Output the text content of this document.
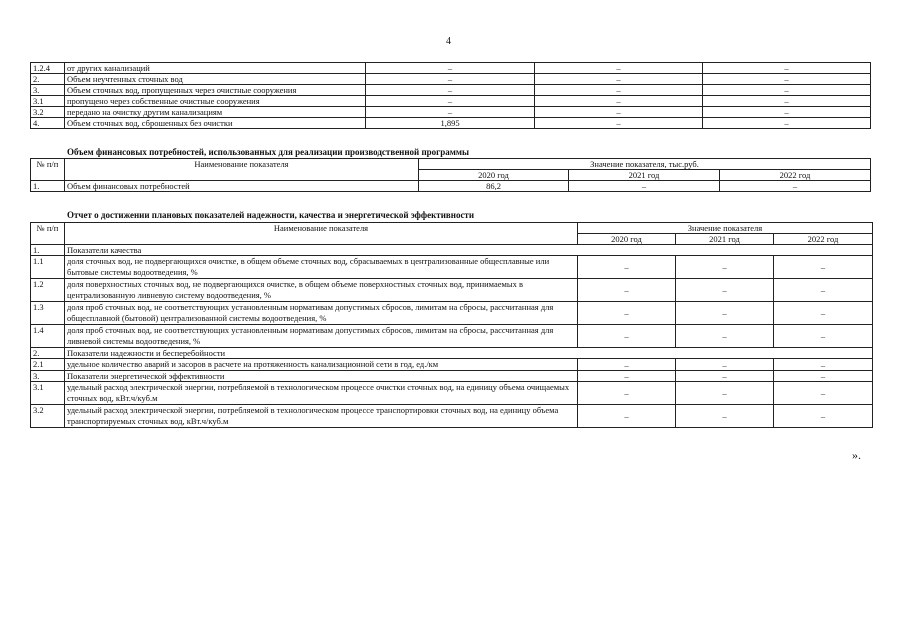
4
1.2.4	от других канализаций	–	–	–
2.	Объем неучтенных сточных вод	–	–	–
3.	Объем сточных вод, пропущенных через очистные сооружения	–	–	–
3.1	пропущено через собственные очистные сооружения	–	–	–
3.2	передано на очистку другим канализациям	–	–	–
4.	Объем сточных вод, сброшенных без очистки	1,895	–	–
Объем финансовых потребностей, использованных для реализации производственной программы
№ п/п	Наименование показателя	Значение показателя, тыс.руб.		
		2020 год	2021 год	2022 год
1.	Объем финансовых потребностей	86,2	–	–
Отчет о достижении плановых показателей надежности, качества и энергетической эффективности
№ п/п	Наименование показателя	Значение показателя		
		2020 год	2021 год	2022 год
1.	Показатели качества			
1.1	доля сточных вод, не подвергающихся очистке, в общем объеме сточных вод, сбрасываемых в централизованные общесплавные или бытовые системы водоотведения, %	–	–	–
1.2	доля поверхностных сточных вод, не подвергающихся очистке, в общем объеме поверхностных сточных вод, принимаемых в централизованную ливневую систему водоотведения, %	–	–	–
1.3	доля проб сточных вод, не соответствующих установленным нормативам допустимых сбросов, лимитам на сбросы, рассчитанная для общесплавной (бытовой) централизованной системы водоотведения, %	–	–	–
1.4	доля проб сточных вод, не соответствующих установленным нормативам допустимых сбросов, лимитам на сбросы, рассчитанная для ливневой системы водоотведения, %	–	–	–
2.	Показатели надежности и бесперебойности			
2.1	удельное количество аварий и засоров в расчете на протяженность канализационной сети в год, ед./км	–	–	–
3.	Показатели энергетической эффективности	–	–	–
3.1	удельный расход электрической энергии, потребляемой в технологическом процессе очистки сточных вод, на единицу объема очищаемых сточных вод, кВт.ч/куб.м	–	–	–
3.2	удельный расход электрической энергии, потребляемой в технологическом процессе транспортировки сточных вод, на единицу объема транспортируемых сточных вод, кВт.ч/куб.м	–	–	–
».
